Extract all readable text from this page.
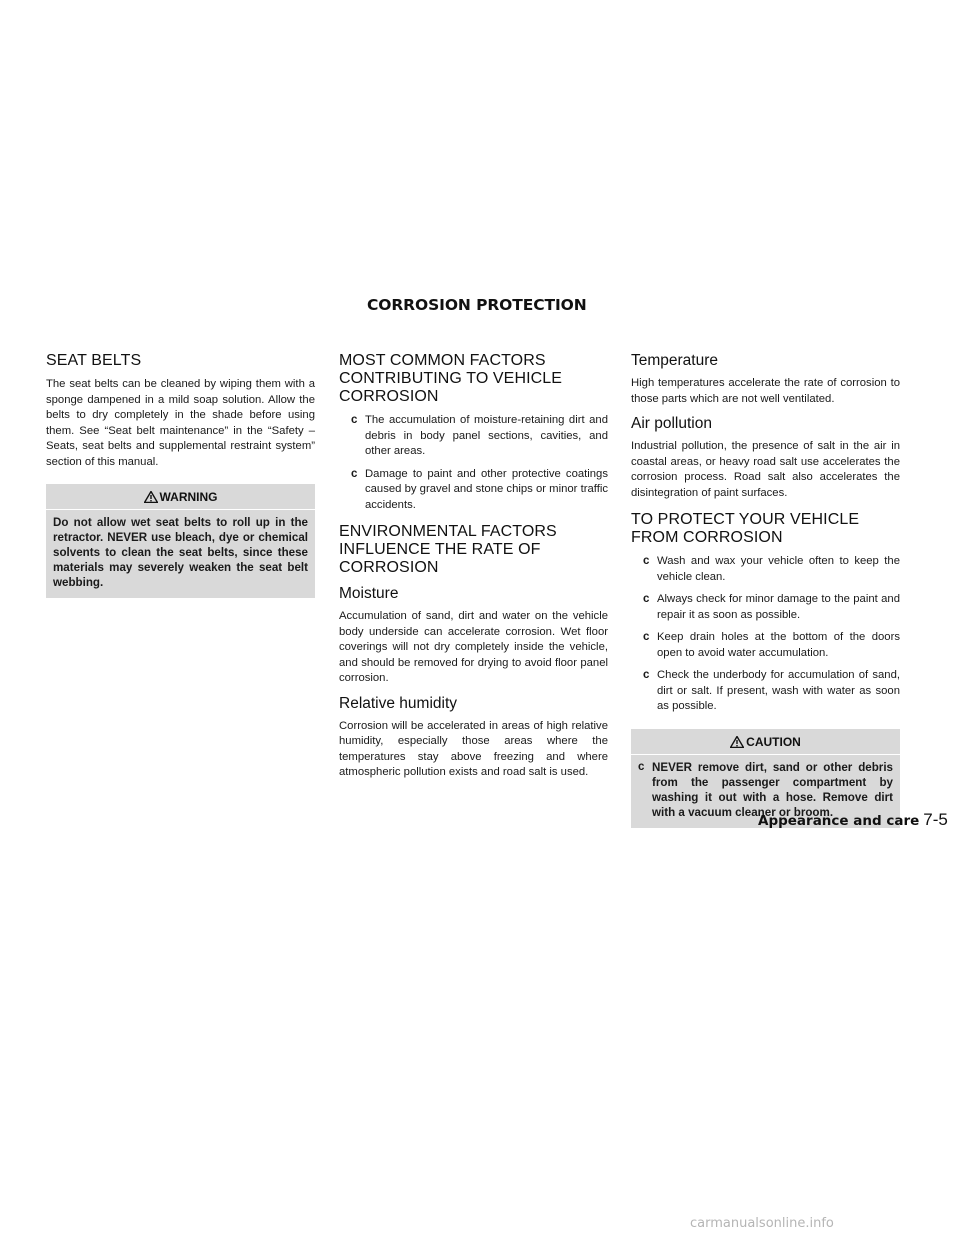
CORROSION PROTECTION
SEAT BELTS

The seat belts can be cleaned by wiping them with a sponge dampened in a mild soap solution. Allow the belts to dry completely in the shade before using them. See “Seat belt maintenance” in the “Safety – Seats, seat belts and supplemental restraint system” section of this manual.

WARNING

Do not allow wet seat belts to roll up in the retractor. NEVER use bleach, dye or chemical solvents to clean the seat belts, since these materials may severely weaken the seat belt webbing.

MOST COMMON FACTORS CONTRIBUTING TO VEHICLE CORROSION
c The accumulation of moisture-retaining dirt and debris in body panel sections, cavities, and other areas.
c Damage to paint and other protective coatings caused by gravel and stone chips or minor traffic accidents.
ENVIRONMENTAL FACTORS INFLUENCE THE RATE OF CORROSION
Moisture

Accumulation of sand, dirt and water on the vehicle body underside can accelerate corrosion. Wet floor coverings will not dry completely inside the vehicle, and should be removed for drying to avoid floor panel corrosion.

Relative humidity

Corrosion will be accelerated in areas of high relative humidity, especially those areas where the temperatures stay above freezing and where atmospheric pollution exists and road salt is used.

Temperature

High temperatures accelerate the rate of corrosion to those parts which are not well ventilated.

Air pollution

Industrial pollution, the presence of salt in the air in coastal areas, or heavy road salt use accelerates the corrosion process. Road salt also accelerates the disintegration of paint surfaces.

TO PROTECT YOUR VEHICLE FROM CORROSION
c Wash and wax your vehicle often to keep the vehicle clean.
c Always check for minor damage to the paint and repair it as soon as possible.
c Keep drain holes at the bottom of the doors open to avoid water accumulation.
c Check the underbody for accumulation of sand, dirt or salt. If present, wash with water as soon as possible.
CAUTION
c NEVER remove dirt, sand or other debris from the passenger compartment by washing it out with a hose. Remove dirt with a vacuum cleaner or broom.
Appearance and care 7-5
carmanualsonline.info
